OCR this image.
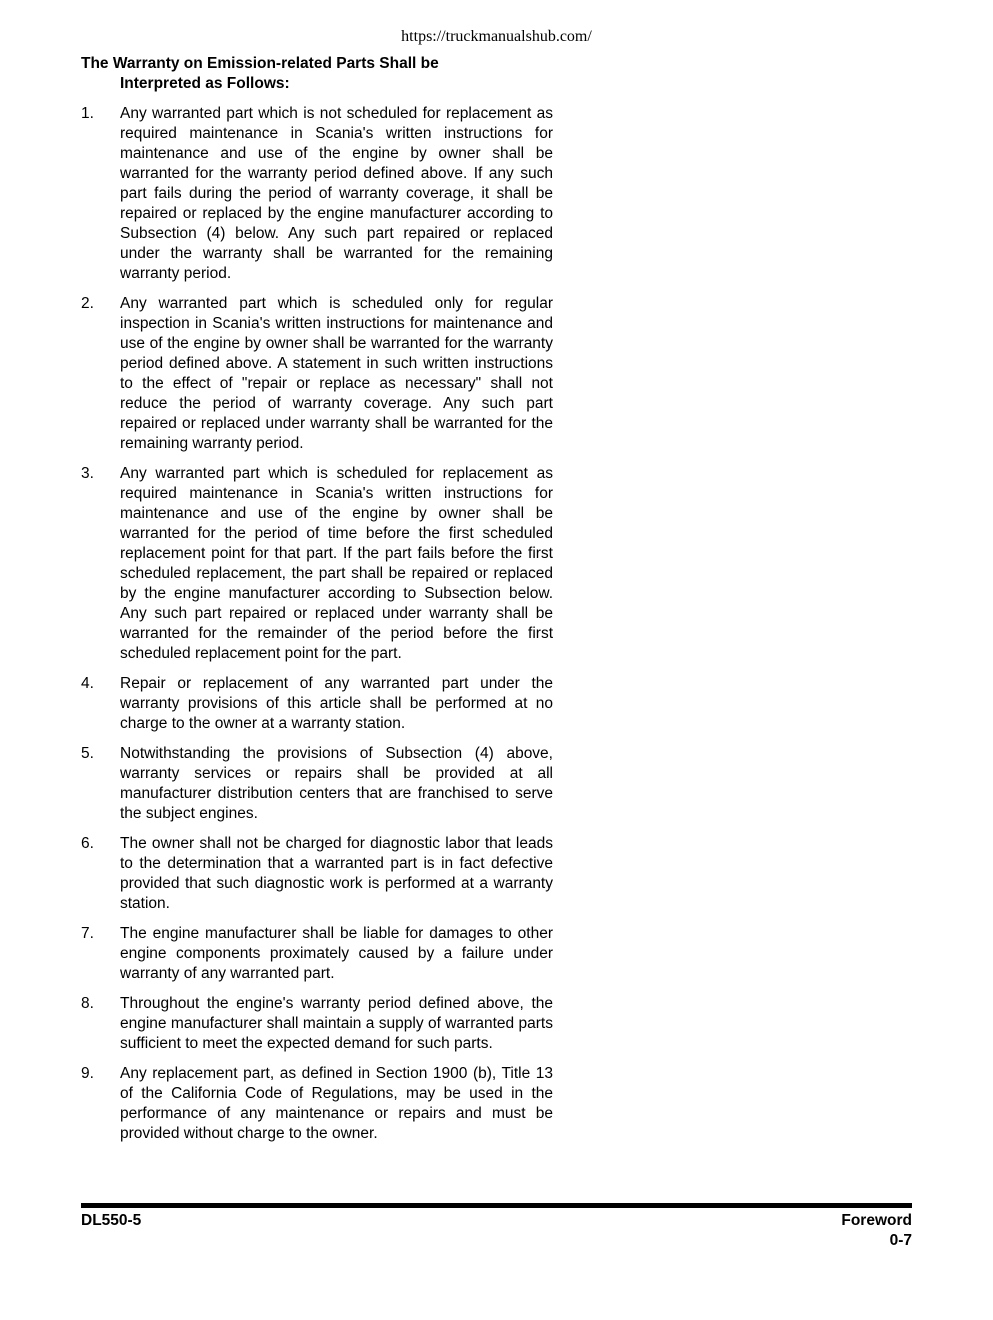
https://truckmanualshub.com/
The Warranty on Emission-related Parts Shall be
Interpreted as Follows:
1.	Any warranted part which is not scheduled for replacement as required maintenance in Scania's written instructions for maintenance and use of the engine by owner shall be warranted for the warranty period defined above. If any such part fails during the period of warranty coverage, it shall be repaired or replaced by the engine manufacturer according to Subsection (4) below. Any such part repaired or replaced under the warranty shall be warranted for the remaining warranty period.
2.	Any warranted part which is scheduled only for regular inspection in Scania's written instructions for maintenance and use of the engine by owner shall be warranted for the warranty period defined above. A statement in such written instructions to the effect of "repair or replace as necessary" shall not reduce the period of warranty coverage. Any such part repaired or replaced under warranty shall be warranted for the remaining warranty period.
3.	Any warranted part which is scheduled for replacement as required maintenance in Scania's written instructions for maintenance and use of the engine by owner shall be warranted for the period of time before the first scheduled replacement point for that part. If the part fails before the first scheduled replacement, the part shall be repaired or replaced by the engine manufacturer according to Subsection below. Any such part repaired or replaced under warranty shall be warranted for the remainder of the period before the first scheduled replacement point for the part.
4.	Repair or replacement of any warranted part under the warranty provisions of this article shall be performed at no charge to the owner at a warranty station.
5.	Notwithstanding the provisions of Subsection (4) above, warranty services or repairs shall be provided at all manufacturer distribution centers that are franchised to serve the subject engines.
6.	The owner shall not be charged for diagnostic labor that leads to the determination that a warranted part is in fact defective provided that such diagnostic work is performed at a warranty station.
7.	The engine manufacturer shall be liable for damages to other engine components proximately caused by a failure under warranty of any warranted part.
8.	Throughout the engine's warranty period defined above, the engine manufacturer shall maintain a supply of warranted parts sufficient to meet the expected demand for such parts.
9.	Any replacement part, as defined in Section 1900 (b), Title 13 of the California Code of Regulations, may be used in the performance of any maintenance or repairs and must be provided without charge to the owner.
DL550-5	Foreword
0-7
